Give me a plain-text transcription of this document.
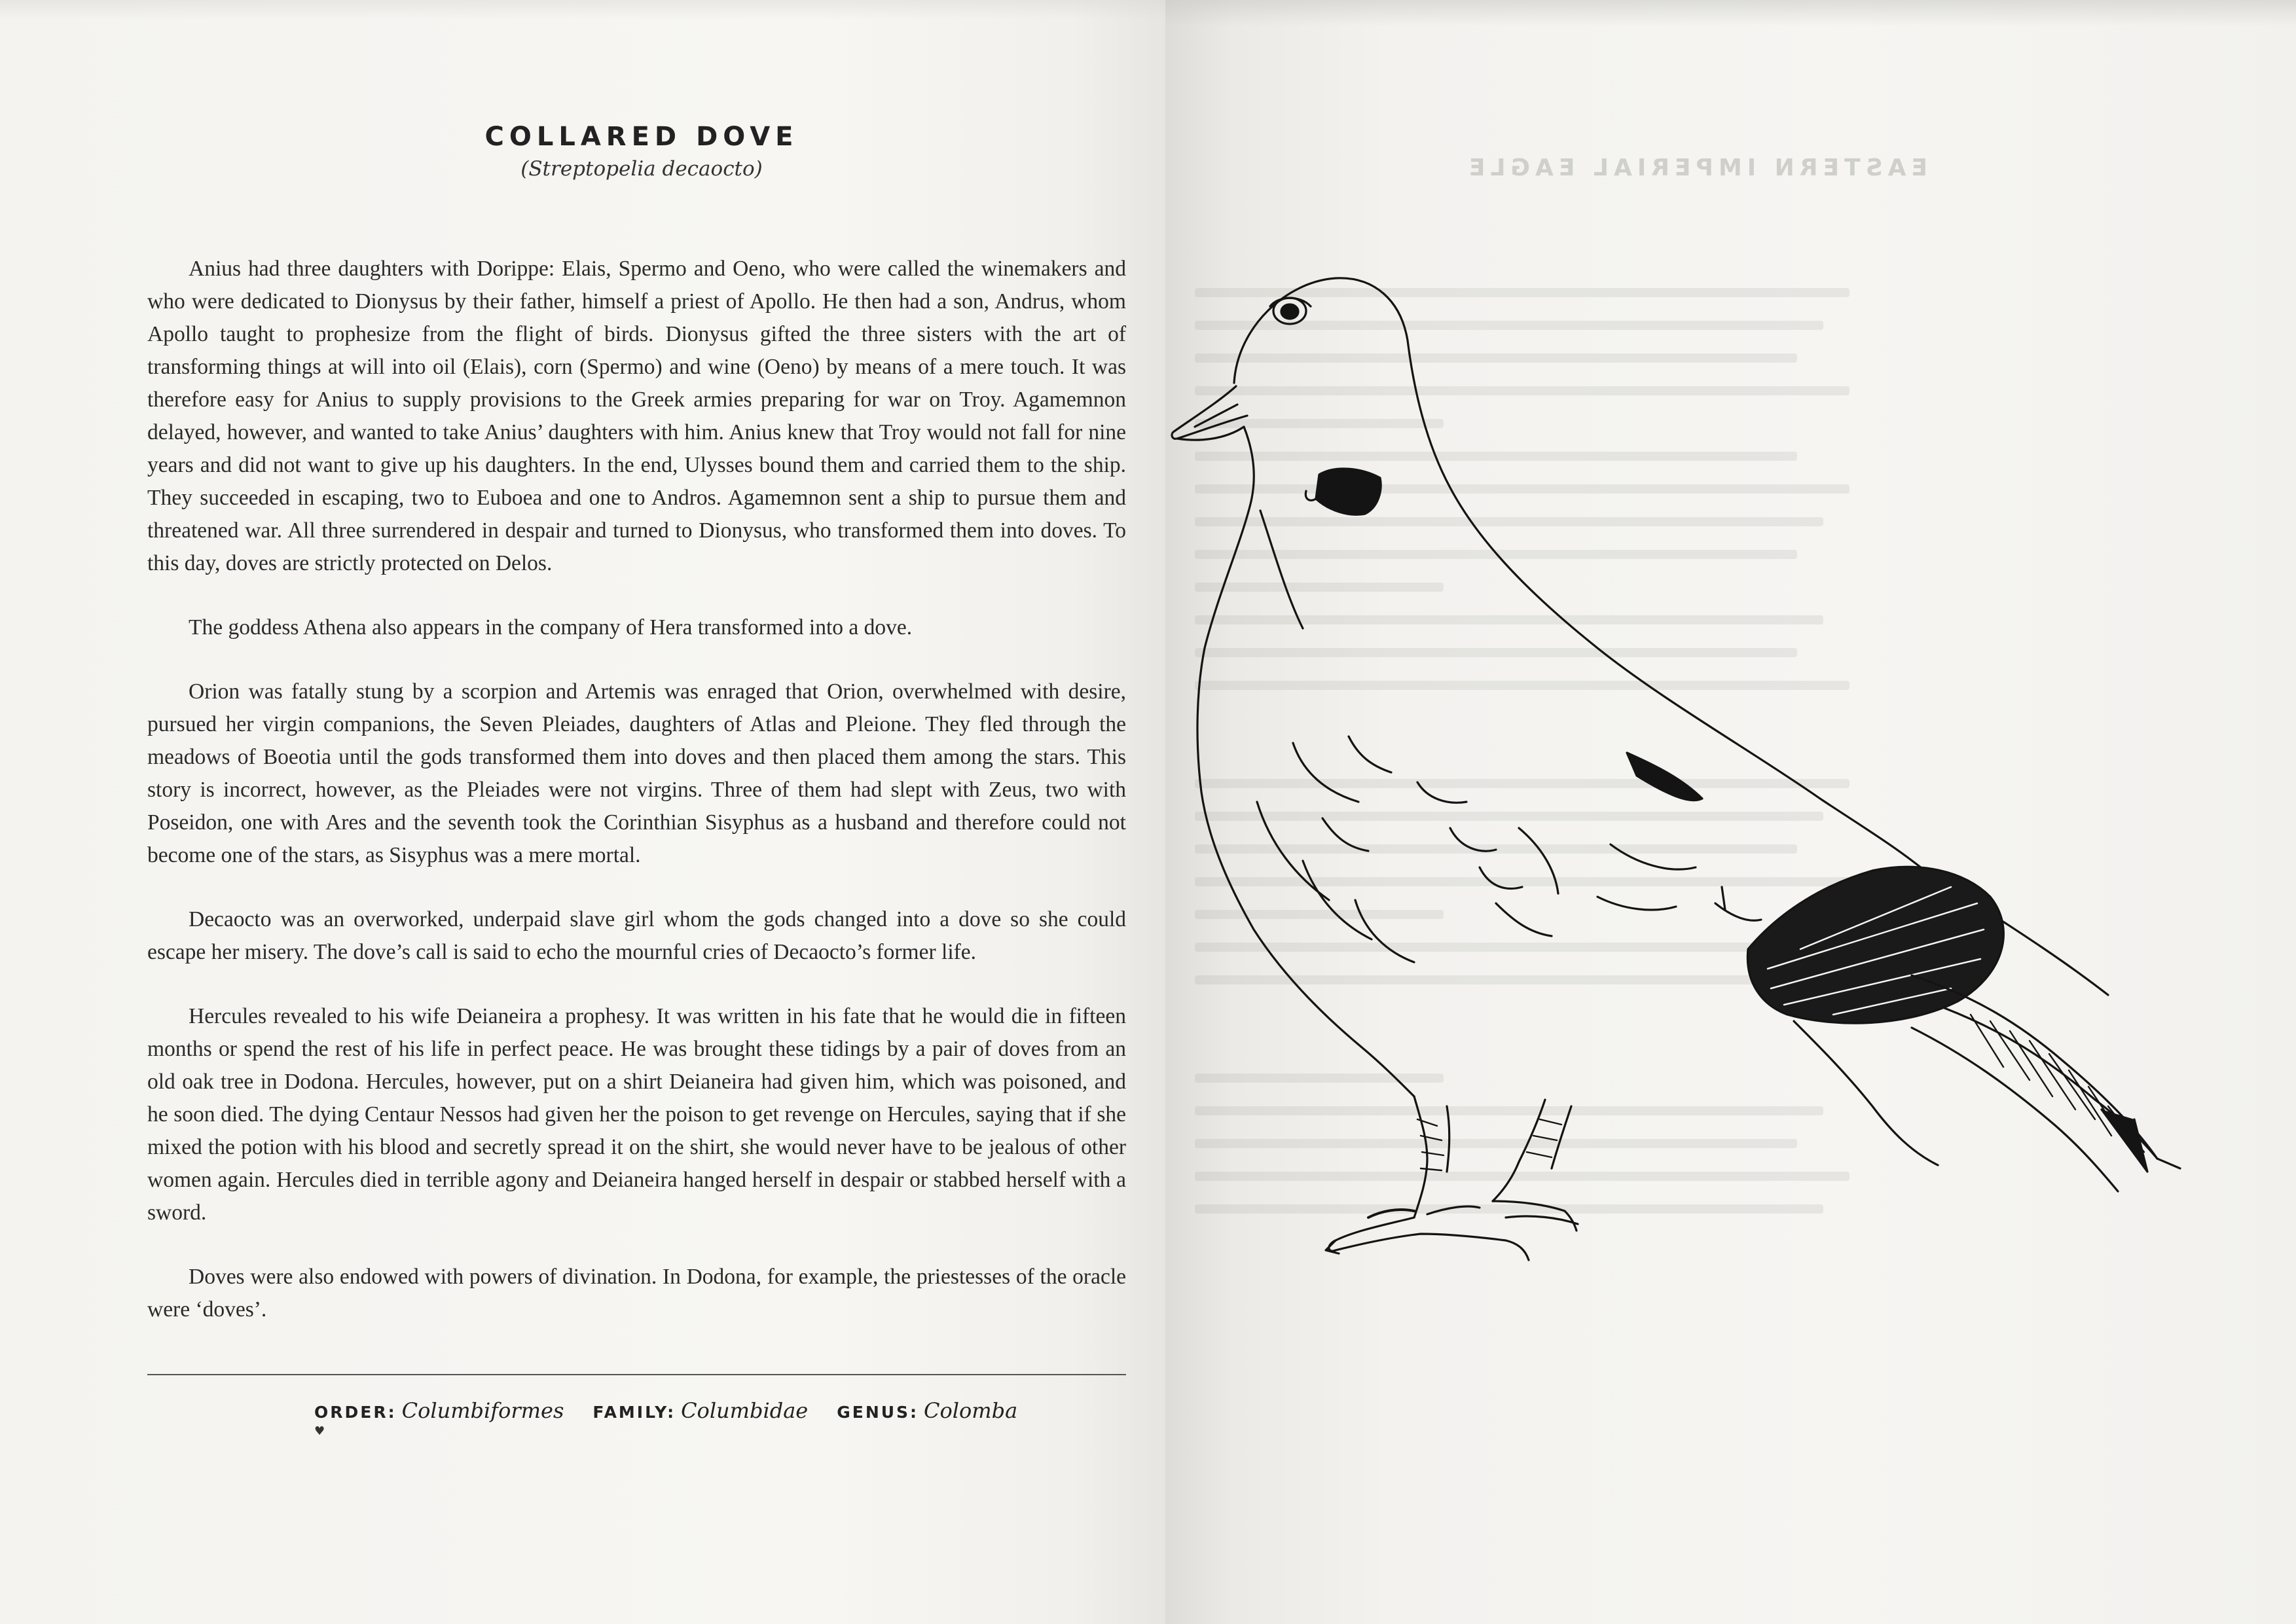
EASTERN IMPERIAL EAGLE
COLLARED DOVE
(Streptopelia decaocto)

Anius had three daughters with Dorippe: Elais, Spermo and Oeno, who were called the winemakers and who were dedicated to Dionysus by their father, himself a priest of Apollo. He then had a son, Andrus, whom Apollo taught to prophesize from the flight of birds. Dionysus gifted the three sisters with the art of transforming things at will into oil (Elais), corn (Spermo) and wine (Oeno) by means of a mere touch. It was therefore easy for Anius to supply provisions to the Greek armies preparing for war on Troy. Agamemnon delayed, however, and wanted to take Anius’ daughters with him. Anius knew that Troy would not fall for nine years and did not want to give up his daughters. In the end, Ulysses bound them and carried them to the ship. They succeeded in escaping, two to Euboea and one to Andros. Agamemnon sent a ship to pursue them and threatened war. All three surrendered in despair and turned to Dionysus, who transformed them into doves. To this day, doves are strictly protected on Delos.

The goddess Athena also appears in the company of Hera transformed into a dove.

Orion was fatally stung by a scorpion and Artemis was enraged that Orion, overwhelmed with desire, pursued her virgin companions, the Seven Pleiades, daughters of Atlas and Pleione. They fled through the meadows of Boeotia until the gods transformed them into doves and then placed them among the stars. This story is incorrect, however, as the Pleiades were not virgins. Three of them had slept with Zeus, two with Poseidon, one with Ares and the seventh took the Corinthian Sisyphus as a husband and therefore could not become one of the stars, as Sisyphus was a mere mortal.

Decaocto was an overworked, underpaid slave girl whom the gods changed into a dove so she could escape her misery. The dove’s call is said to echo the mournful cries of Decaocto’s former life.

Hercules revealed to his wife Deianeira a prophesy. It was written in his fate that he would die in fifteen months or spend the rest of his life in perfect peace. He was brought these tidings by a pair of doves from an old oak tree in Dodona. Hercules, however, put on a shirt Deianeira had given him, which was poisoned, and he soon died. The dying Centaur Nessos had given her the poison to get revenge on Hercules, saying that if she mixed the potion with his blood and secretly spread it on the shirt, she would never have to be jealous of other women again. Hercules died in terrible agony and Deianeira hanged herself in despair or stabbed herself with a sword.

Doves were also endowed with powers of divination. In Dodona, for example, the priestesses of the oracle were ‘doves’.

ORDER: Columbiformes FAMILY: Columbidae GENUS: Colomba
♥
